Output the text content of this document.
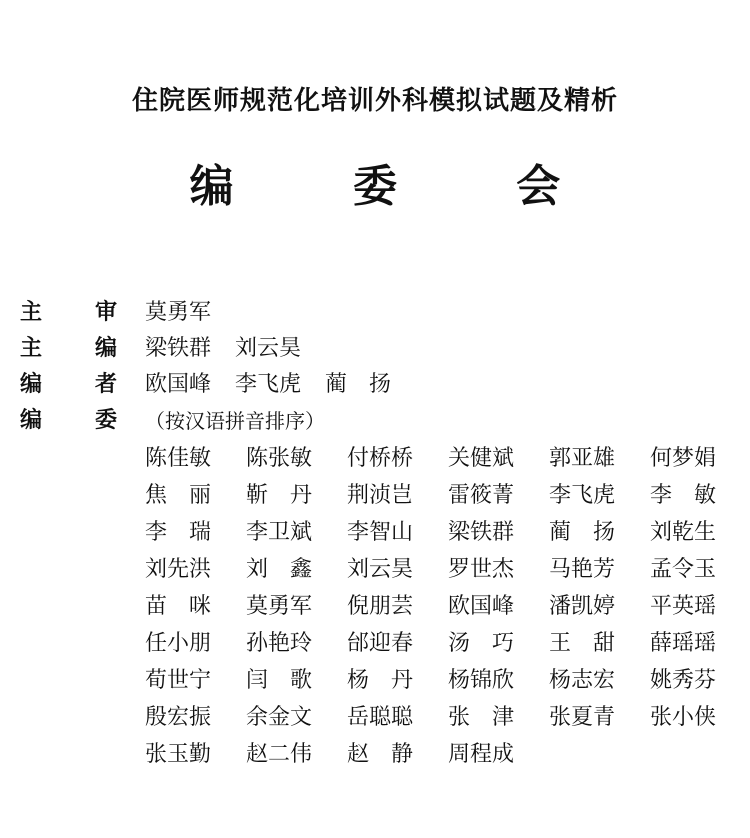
住院医师规范化培训外科模拟试题及精析
编 委 会
主 审 莫勇军
主 编 梁铁群 刘云昊
编 者 欧国峰 李飞虎 蔺　扬
编 委 （按汉语拼音排序）
陈佳敏	陈张敏	付桥桥	关健斌	郭亚雄	何梦娟
焦　丽	靳　丹	荆浈岂	雷筱菁	李飞虎	李　敏
李　瑞	李卫斌	李智山	梁铁群	蔺　扬	刘乾生
刘先洪	刘　鑫	刘云昊	罗世杰	马艳芳	孟令玉
苗　咪	莫勇军	倪朋芸	欧国峰	潘凯婷	平英瑶
任小朋	孙艳玲	邰迎春	汤　巧	王　甜	薛瑶瑶
荀世宁	闫　歌	杨　丹	杨锦欣	杨志宏	姚秀芬
殷宏振	余金文	岳聪聪	张　津	张夏青	张小侠
张玉勤	赵二伟	赵　静	周程成
